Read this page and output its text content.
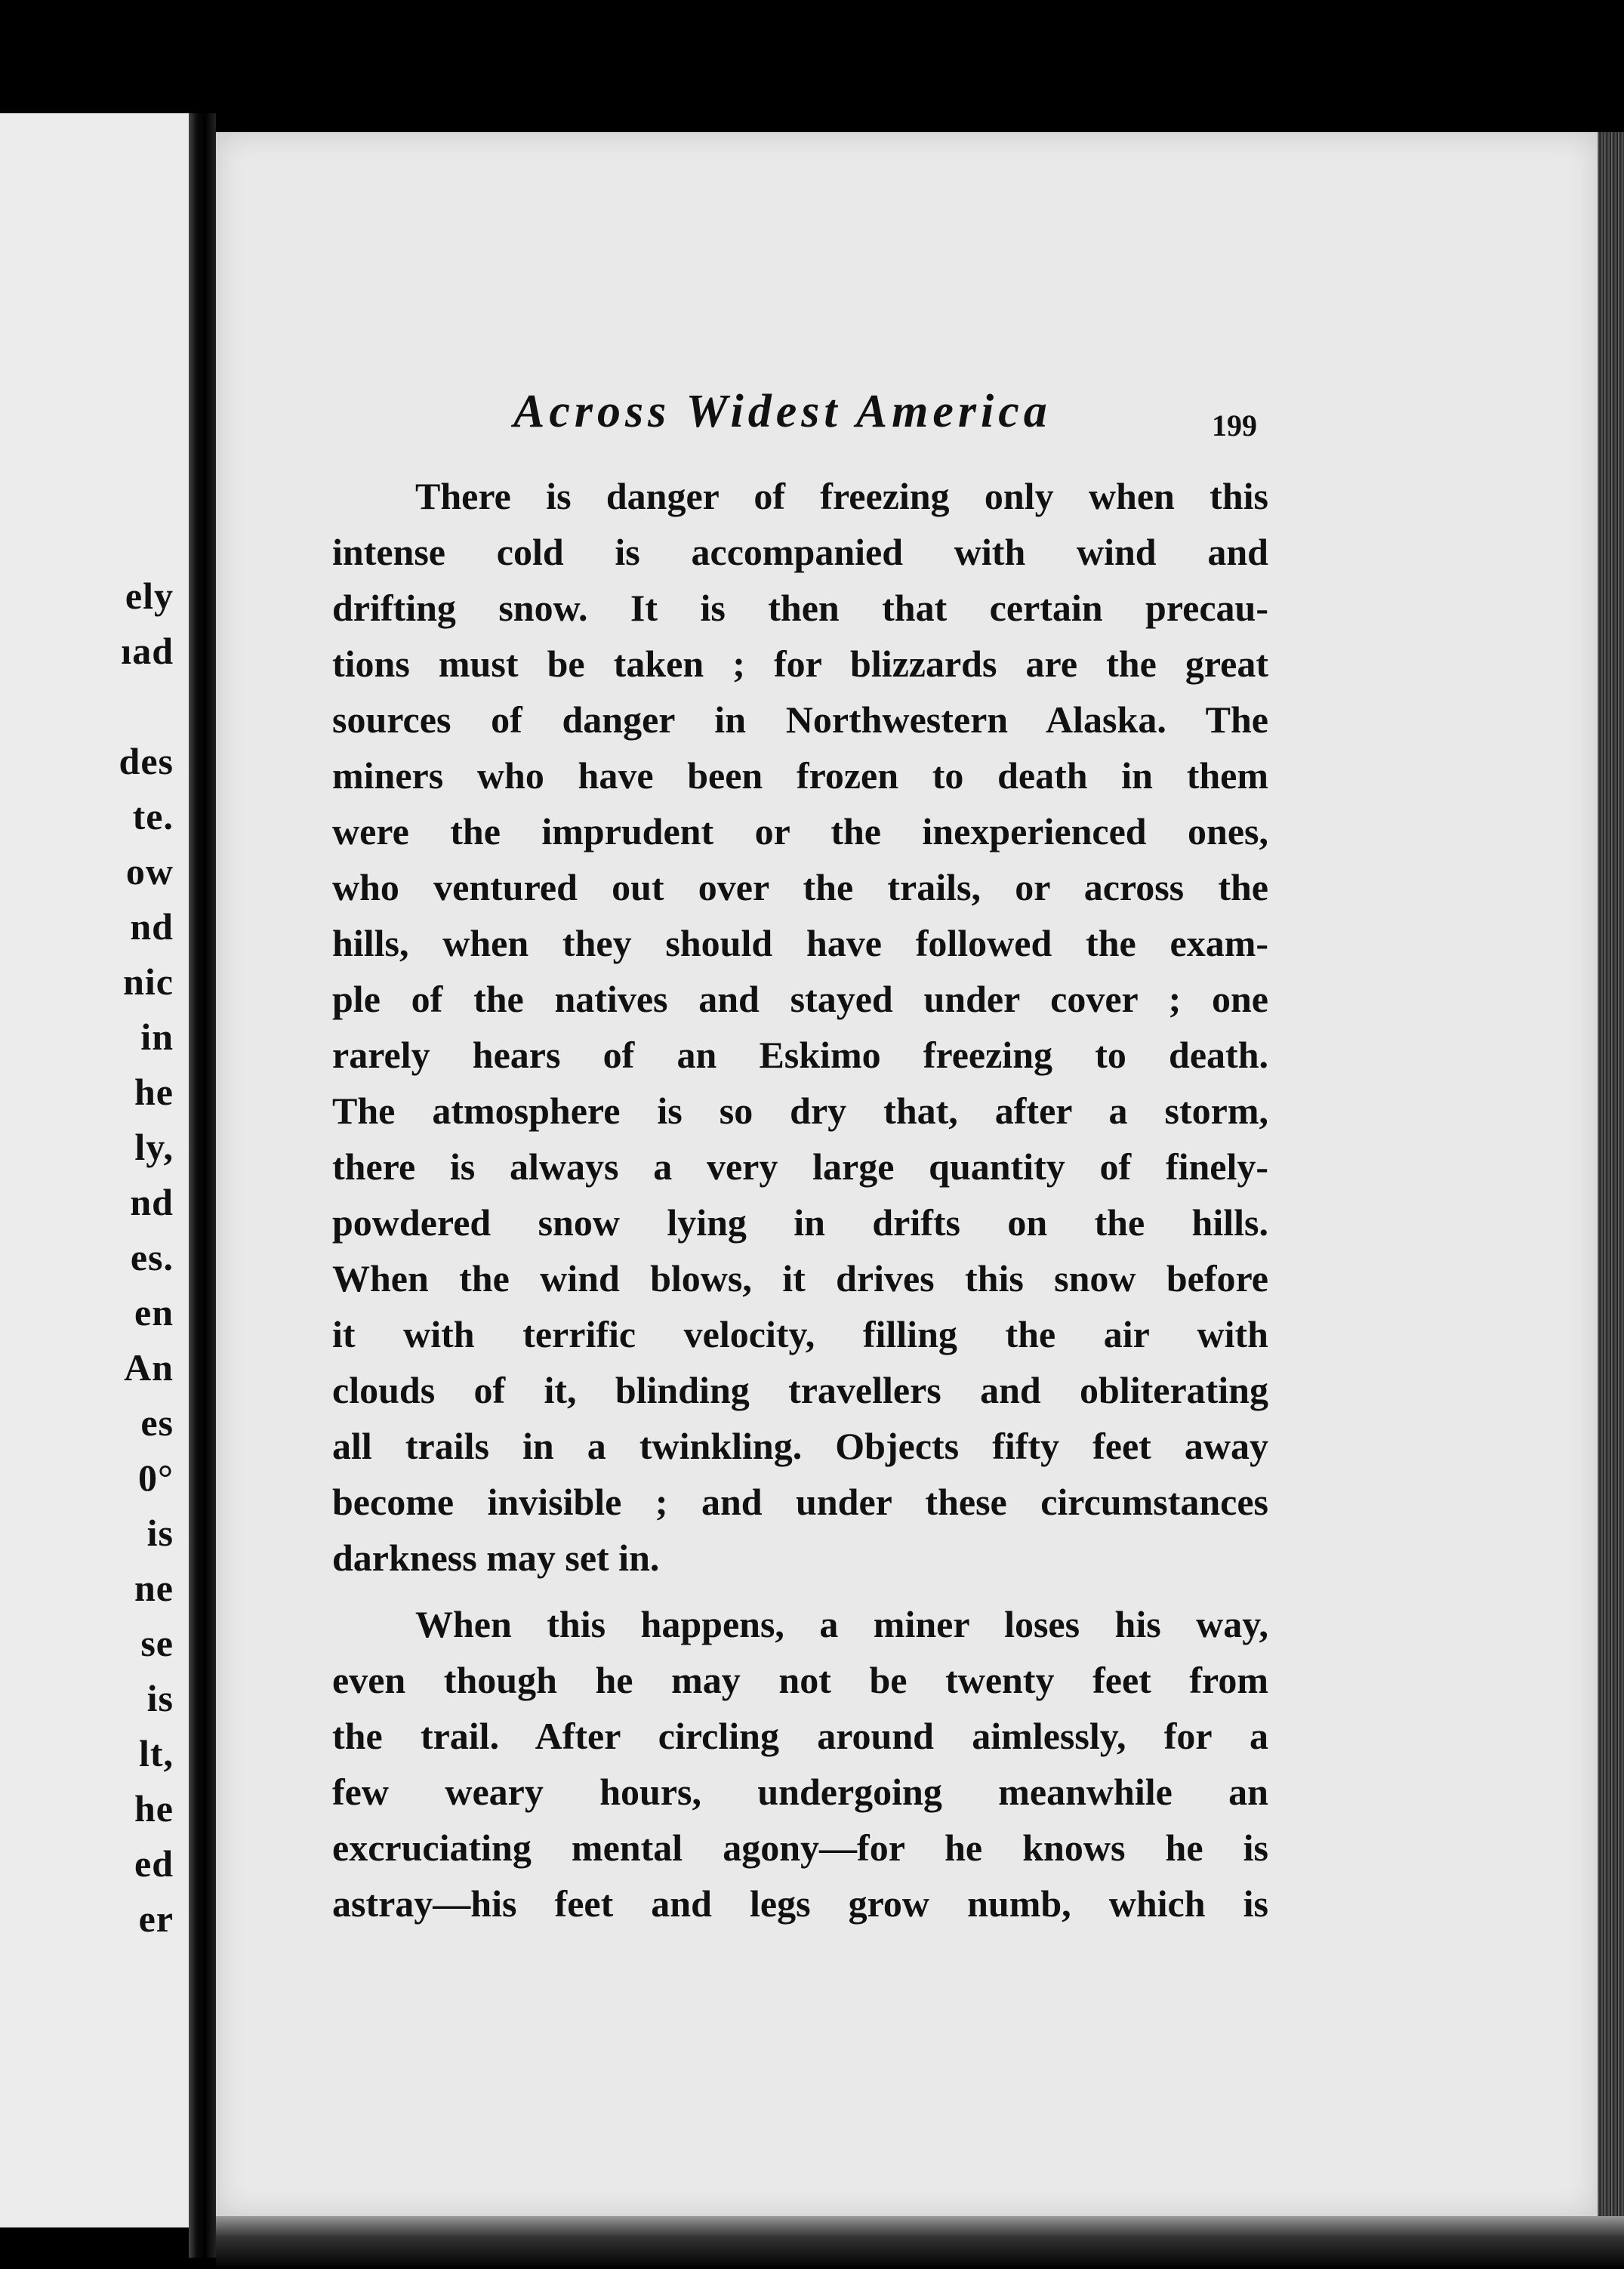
ely
ıad
des
te.
ow
nd
nic
in
he
ly,
nd
es.
en
An
es
0°
is
ne
se
is
lt,
he
ed
er
Across Widest America	199
There is danger of freezing only when this
intense cold is accompanied with wind and
drifting snow. It is then that certain precau-
tions must be taken ; for blizzards are the great
sources of danger in Northwestern Alaska. The
miners who have been frozen to death in them
were the imprudent or the inexperienced ones,
who ventured out over the trails, or across the
hills, when they should have followed the exam-
ple of the natives and stayed under cover ; one
rarely hears of an Eskimo freezing to death.
The atmosphere is so dry that, after a storm,
there is always a very large quantity of finely-
powdered snow lying in drifts on the hills.
When the wind blows, it drives this snow before
it with terrific velocity, filling the air with
clouds of it, blinding travellers and obliterating
all trails in a twinkling. Objects fifty feet away
become invisible ; and under these circumstances
darkness may set in.
When this happens, a miner loses his way,
even though he may not be twenty feet from
the trail. After circling around aimlessly, for a
few weary hours, undergoing meanwhile an
excruciating mental agony—for he knows he is
astray—his feet and legs grow numb, which is
